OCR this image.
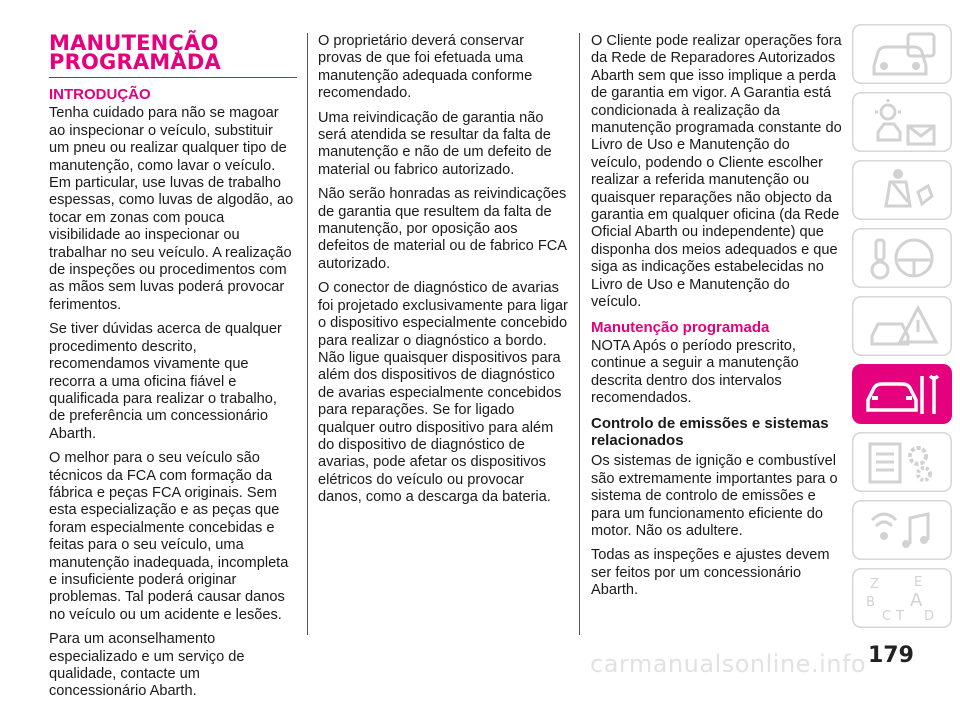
MANUTENÇÃO PROGRAMADA
INTRODUÇÃO

Tenha cuidado para não se magoar ao inspecionar o veículo, substituir um pneu ou realizar qualquer tipo de manutenção, como lavar o veículo. Em particular, use luvas de trabalho espessas, como luvas de algodão, ao tocar em zonas com pouca visibilidade ao inspecionar ou trabalhar no seu veículo. A realização de inspeções ou procedimentos com as mãos sem luvas poderá provocar ferimentos.

Se tiver dúvidas acerca de qualquer procedimento descrito, recomendamos vivamente que recorra a uma oficina fiável e qualificada para realizar o trabalho, de preferência um concessionário Abarth.

O melhor para o seu veículo são técnicos da FCA com formação da fábrica e peças FCA originais. Sem esta especialização e as peças que foram especialmente concebidas e feitas para o seu veículo, uma manutenção inadequada, incompleta e insuficiente poderá originar problemas. Tal poderá causar danos no veículo ou um acidente e lesões.

Para um aconselhamento especializado e um serviço de qualidade, contacte um concessionário Abarth.

O proprietário deverá conservar provas de que foi efetuada uma manutenção adequada conforme recomendado.

Uma reivindicação de garantia não será atendida se resultar da falta de manutenção e não de um defeito de material ou fabrico autorizado.

Não serão honradas as reivindicações de garantia que resultem da falta de manutenção, por oposição aos defeitos de material ou de fabrico FCA autorizado.

O conector de diagnóstico de avarias foi projetado exclusivamente para ligar o dispositivo especialmente concebido para realizar o diagnóstico a bordo. Não ligue quaisquer dispositivos para além dos dispositivos de diagnóstico de avarias especialmente concebidos para reparações. Se for ligado qualquer outro dispositivo para além do dispositivo de diagnóstico de avarias, pode afetar os dispositivos elétricos do veículo ou provocar danos, como a descarga da bateria.

O Cliente pode realizar operações fora da Rede de Reparadores Autorizados Abarth sem que isso implique a perda de garantia em vigor. A Garantia está condicionada à realização da manutenção programada constante do Livro de Uso e Manutenção do veículo, podendo o Cliente escolher realizar a referida manutenção ou quaisquer reparações não objecto da garantia em qualquer oficina (da Rede Oficial Abarth ou independente) que disponha dos meios adequados e que siga as indicações estabelecidas no Livro de Uso e Manutenção do veículo.

Manutenção programada

NOTA Após o período prescrito, continue a seguir a manutenção descrita dentro dos intervalos recomendados.

Controlo de emissões e sistemas relacionados

Os sistemas de ignição e combustível são extremamente importantes para o sistema de controlo de emissões e para um funcionamento eficiente do motor. Não os adultere.

Todas as inspeções e ajustes devem ser feitos por um concessionário Abarth.	Z	E
B A
C T D
carmanualsonline.info 179
